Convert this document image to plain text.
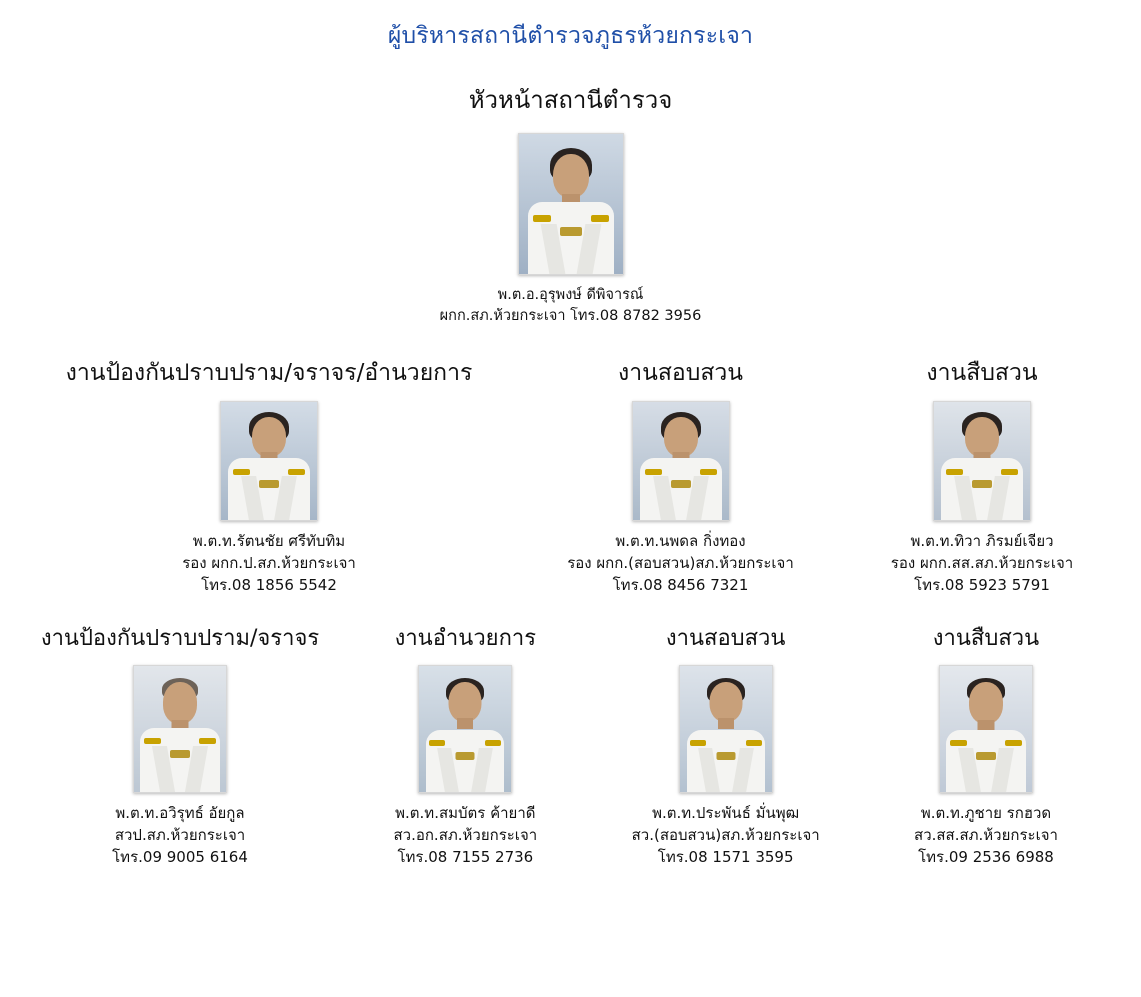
ผู้บริหารสถานีตำรวจภูธรห้วยกระเจา
หัวหน้าสถานีตำรวจ
พ.ต.อ.อุรุพงษ์ ดีพิจารณ์
ผกก.สภ.ห้วยกระเจา โทร.08 8782 3956
งานป้องกันปราบปราม/จราจร/อำนวยการ
พ.ต.ท.รัตนชัย ศรีทับทิม
รอง ผกก.ป.สภ.ห้วยกระเจา
โทร.08 1856 5542
งานสอบสวน
พ.ต.ท.นพดล กิ่งทอง
รอง ผกก.(สอบสวน)สภ.ห้วยกระเจา
โทร.08 8456 7321
งานสืบสวน
พ.ต.ท.ทิวา ภิรมย์เจียว
รอง ผกก.สส.สภ.ห้วยกระเจา
โทร.08 5923 5791
งานป้องกันปราบปราม/จราจร
พ.ต.ท.อวิรุทธ์ อัยกูล
สวป.สภ.ห้วยกระเจา
โทร.09 9005 6164
งานอำนวยการ
พ.ต.ท.สมบัตร ค้ายาดี
สว.อก.สภ.ห้วยกระเจา
โทร.08 7155 2736
งานสอบสวน
พ.ต.ท.ประพันธ์ มั่นพุฒ
สว.(สอบสวน)สภ.ห้วยกระเจา
โทร.08 1571 3595
งานสืบสวน
พ.ต.ท.ภูชาย รกฮวด
สว.สส.สภ.ห้วยกระเจา
โทร.09 2536 6988
